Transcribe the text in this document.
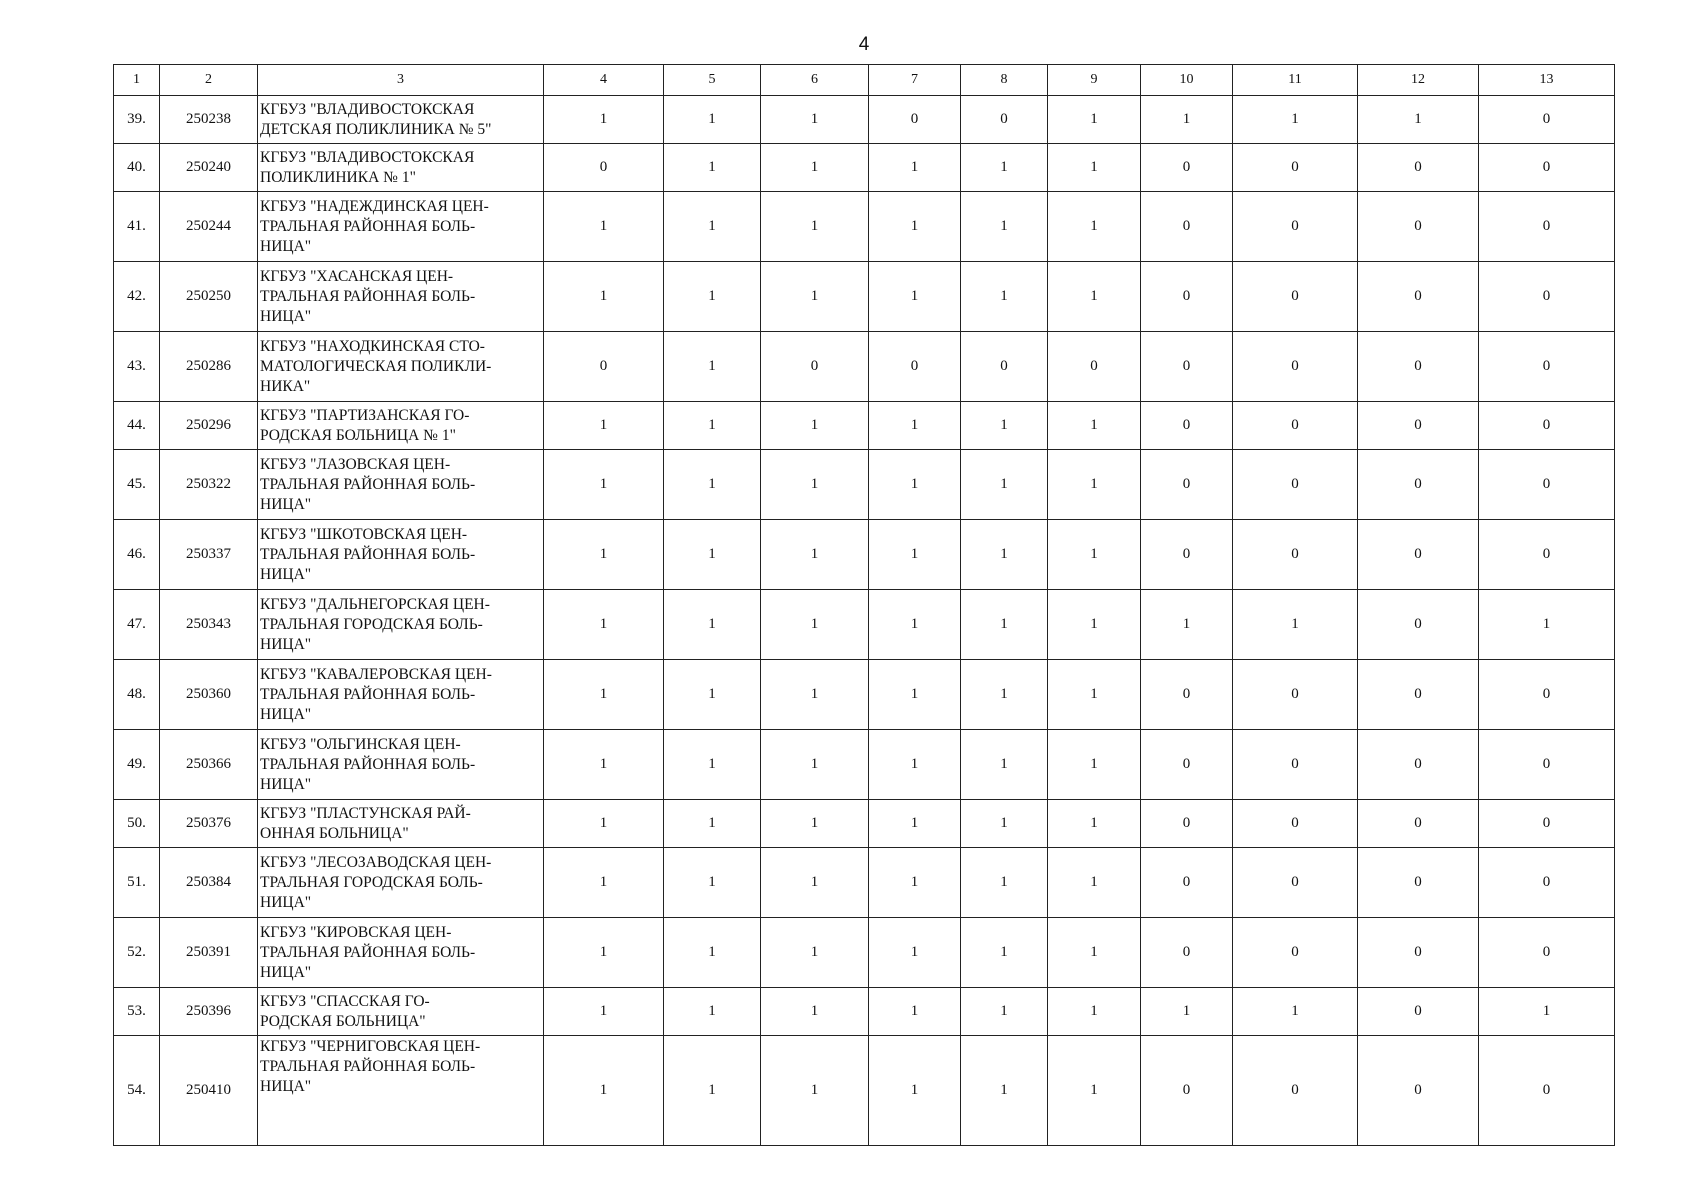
4
1	2	3	4	5	6	7	8	9	10	11	12	13
39.	250238	КГБУЗ "ВЛАДИВОСТОКСКАЯ
ДЕТСКАЯ ПОЛИКЛИНИКА № 5"	1	1	1	0	0	1	1	1	1	0
40.	250240	КГБУЗ "ВЛАДИВОСТОКСКАЯ
ПОЛИКЛИНИКА № 1"	0	1	1	1	1	1	0	0	0	0
41.	250244	КГБУЗ "НАДЕЖДИНСКАЯ ЦЕН-
ТРАЛЬНАЯ РАЙОННАЯ БОЛЬ-
НИЦА"	1	1	1	1	1	1	0	0	0	0
42.	250250	КГБУЗ "ХАСАНСКАЯ ЦЕН-
ТРАЛЬНАЯ РАЙОННАЯ БОЛЬ-
НИЦА"	1	1	1	1	1	1	0	0	0	0
43.	250286	КГБУЗ "НАХОДКИНСКАЯ СТО-
МАТОЛОГИЧЕСКАЯ ПОЛИКЛИ-
НИКА"	0	1	0	0	0	0	0	0	0	0
44.	250296	КГБУЗ "ПАРТИЗАНСКАЯ ГО-
РОДСКАЯ БОЛЬНИЦА № 1"	1	1	1	1	1	1	0	0	0	0
45.	250322	КГБУЗ "ЛАЗОВСКАЯ ЦЕН-
ТРАЛЬНАЯ РАЙОННАЯ БОЛЬ-
НИЦА"	1	1	1	1	1	1	0	0	0	0
46.	250337	КГБУЗ "ШКОТОВСКАЯ ЦЕН-
ТРАЛЬНАЯ РАЙОННАЯ БОЛЬ-
НИЦА"	1	1	1	1	1	1	0	0	0	0
47.	250343	КГБУЗ "ДАЛЬНЕГОРСКАЯ ЦЕН-
ТРАЛЬНАЯ ГОРОДСКАЯ БОЛЬ-
НИЦА"	1	1	1	1	1	1	1	1	0	1
48.	250360	КГБУЗ "КАВАЛЕРОВСКАЯ ЦЕН-
ТРАЛЬНАЯ РАЙОННАЯ БОЛЬ-
НИЦА"	1	1	1	1	1	1	0	0	0	0
49.	250366	КГБУЗ "ОЛЬГИНСКАЯ ЦЕН-
ТРАЛЬНАЯ РАЙОННАЯ БОЛЬ-
НИЦА"	1	1	1	1	1	1	0	0	0	0
50.	250376	КГБУЗ "ПЛАСТУНСКАЯ РАЙ-
ОННАЯ БОЛЬНИЦА"	1	1	1	1	1	1	0	0	0	0
51.	250384	КГБУЗ "ЛЕСОЗАВОДСКАЯ ЦЕН-
ТРАЛЬНАЯ ГОРОДСКАЯ БОЛЬ-
НИЦА"	1	1	1	1	1	1	0	0	0	0
52.	250391	КГБУЗ "КИРОВСКАЯ ЦЕН-
ТРАЛЬНАЯ РАЙОННАЯ БОЛЬ-
НИЦА"	1	1	1	1	1	1	0	0	0	0
53.	250396	КГБУЗ "СПАССКАЯ ГО-
РОДСКАЯ БОЛЬНИЦА"	1	1	1	1	1	1	1	1	0	1
54.	250410	КГБУЗ "ЧЕРНИГОВСКАЯ ЦЕН-
ТРАЛЬНАЯ РАЙОННАЯ БОЛЬ-
НИЦА"	1	1	1	1	1	1	0	0	0	0
